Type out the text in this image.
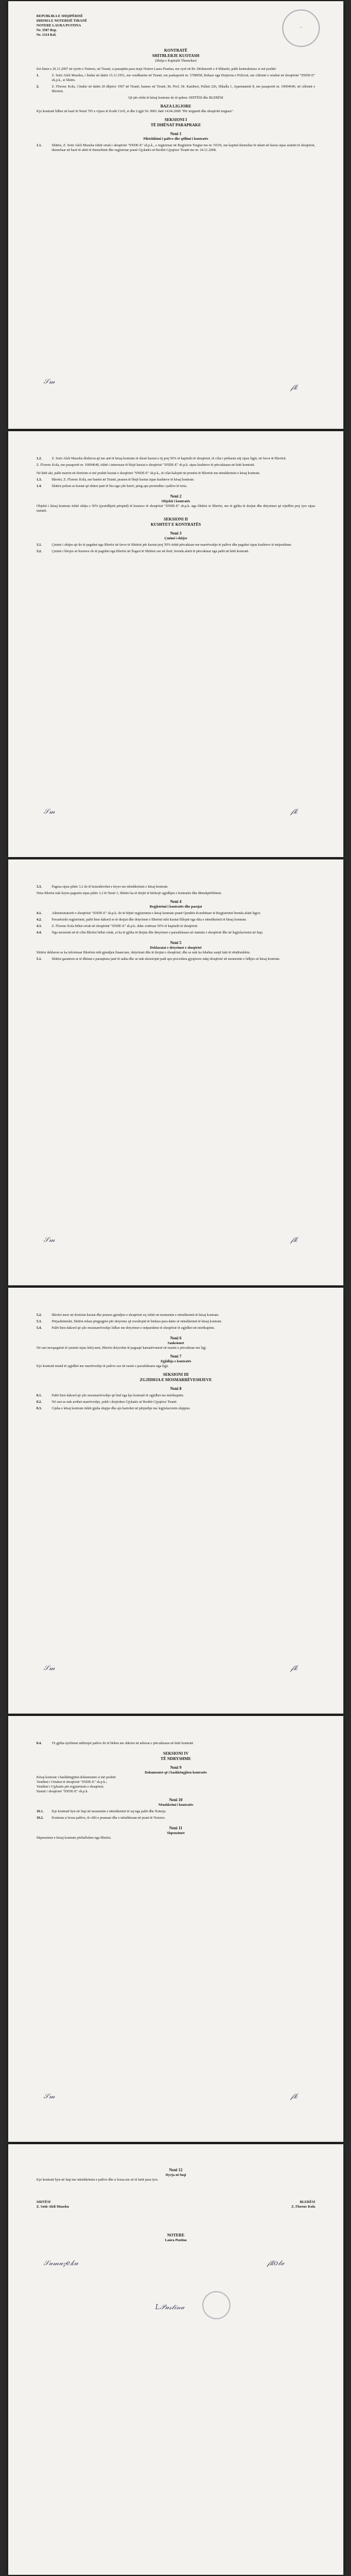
REPUBLIKA E SHQIPËRISË
DHOMA E NOTERISË TIRANË
NOTERE LAURA PUSTINA
Nr. 3507 Rep.
Nr. 1314 Kol.
●
KONTRATË
SHITBLERJE KUOTASH
(Shitja e Kapitalit Themeltar)
Sot linen e 20.11.2007 në zyrën e Noteres, në Tiranë, u paraqitën para meje Notere Laura Pustina, me zyrë në Rr. Dëshmorët e 4 Shkurtit, palët kontraktuese si më poshtë:
1.	Z. Sotir Aleli Muzeku, i lindur në datën 15.11.1951, me vendbanim në Tiranë, me pashaportë nr. 3708058, lëshuar nga Drejtoria e Policisë, me cilësinë e ortakut në shoqërinë "SNDE-E" sh.p.k., si Shitës.
2.	Z. Florenc Kola, i lindur në datën 20 dhjetor 1967 në Tiranë, banues në Tiranë, Rr. Prof. Dr. Kamberi, Pallati 226, Shkalla 1, Apartamenti 8, me pasaportë nr. 10004640, në cilësinë e Blerësit.
Që për efekt të kësaj kontrate do të quhen: SHITËSI dhe BLERËSI
BAZA LIGJORE
Kjo kontratë lidhet në bazë të Nenit 705 e vijues të Kodit Civil, si dhe Ligjit Nr. 9901 datë 14.04.2008 "Për tregtarët dhe shoqëritë tregtare".
SEKSIONI I
TË DHËNAT PARAPRAKE
Neni 1
Pikëshikimi i palëve dhe qëllimi i kontratës
1.1.	Shitësi, Z. Sotir Aleli Muzeku është ortak i shoqërisë "SNDE-E" sh.p.k., e regjistruar në Regjistrin Tregtar me nr. NUIS, me kapital themeltar të ndarë në kuota sipas statutit të shoqërisë, themeluar në bazë të aktit të themelimit dhe regjistruar pranë Gjykatës së Rrethit Gjyqësor Tiranë me nr. 24.11.2008.
𝒮𝓂
𝒻𝓀
1.2.	Z. Sotir Aleli Muzeku dëshiron që me anë të kësaj kontrate të shesë kuotat e tij prej 50% të kapitalit të shoqërisë, të cilat i përkasin atij sipas ligjit, në favor të Blerësit.
Z. Florenc Kola, me pasaportë nr. 10004640, është i interesuar të blejë kuotat e shoqërisë "SNDE-E" sh.p.k. sipas kushteve të përcaktuara në këtë kontratë.
Në këtë akt, palët marrin në dorëzim si më poshtë kuotat e shoqërisë "SNDE-E" sh.p.k., të cilat kalojnë në pronësi të Blerësit me nënshkrimin e kësaj kontrate.
1.3.	Blerësi, Z. Florenc Kola, me banim në Tiranë, pranon të blejë kuotat sipas kushteve të kësaj kontrate.
1.4.	Shitësi pohon se kuotat që shiten janë të lira nga çdo barrë, peng apo pretendim i palëve të treta.
Neni 2
Objekti i kontratës
Objekti i kësaj kontrate është shitja e 50% (pesëdhjetë përqind) të kuotave të shoqërisë "SNDE-E" sh.p.k. nga Shitësi te Blerësi, me të gjitha të drejtat dhe detyrimet që rrjedhin prej tyre sipas statutit.
SEKSIONI II
KUSHTET E KONTRATËS
Neni 3
Çmimi i shitjes
3.1.	Çmimi i shitjes që do të paguhet nga Blerësi në favor të Shitësit për kuotat prej 50% është përcaktuar me marrëveshje të palëve dhe paguhet sipas kushteve të mëposhtme.
3.2.	Çmimi i blerjes së kuotave do të paguhet nga Blerësi në llogari të Shitësit ose në dorë, brenda afatit të përcaktuar nga palët në këtë kontratë.
𝒮𝓂	𝒻𝓀
3.3.	Pagesa sipas pikës 3.2 do të konsiderohet e kryer me nënshkrimin e kësaj kontrate.
Nëse Blerësi nuk kryen pagesën sipas pikës 3.2 të Nenit 3, Shitësi ka të drejtë të kërkojë zgjidhjen e kontratës dhe dëmshpërblimin.
Neni 4
Regjistrimi i kontratës dhe pasojat
4.1.	Administratorët e shoqërisë "SNDE-E" sh.p.k. do të bëjnë regjistrimin e kësaj kontrate pranë Qendrës Kombëtare të Regjistrimit brenda afatit ligjor.
4.2.	Pavarësisht regjistrimit, palët bien dakord se të drejtat dhe detyrimet e Blerësit mbi kuotat fillojnë nga dita e nënshkrimit të kësaj kontrate.
4.3.	Z. Florenc Kola bëhet ortak në shoqërinë "SNDE-E" sh.p.k. duke zotëruar 50% të kapitalit të shoqërisë.
4.4.	Nga momenti në të cilin Blerësi bëhet ortak, ai ka të gjitha të drejtat dhe detyrimet e parashikuara në statutin e shoqërisë dhe në legjislacionin në fuqi.
Neni 5
Deklaratat e detyrimet e shoqërisë
Shitësi deklaron se ka informuar Blerësin mbi gjendjen financiare, detyrimet dhe të drejtat e shoqërisë, dhe se nuk ka fshehur asnjë fakt të rëndësishëm.
5.1.	Shitësi garanton se të dhënat e paraqitura janë të sakta dhe se nuk ekzistojnë padi apo procedura gjyqësore ndaj shoqërisë në momentin e lidhjes së kësaj kontrate.
𝒮𝓂	𝒻𝓀
5.2.	Blerësi merr në dorëzim kuotat dhe pranon gjendjen e shoqërisë siç është në momentin e nënshkrimit të kësaj kontrate.
5.3.	Përjashtimisht, Shitësi mban përgjegjësi për detyrime që rezultojnë të lindura para datës së nënshkrimit të kësaj kontrate.
5.4.	Palët bien dakord që çdo mosmarrëveshje lidhur me detyrimet e mëparshme të shoqërisë të zgjidhet në mirëkuptim.
Neni 6
Sanksionet
Në rast mospagimit të çmimit sipas këtij neni, Blerësi detyrohet të paguajë kamatëvonesë në masën e përcaktuar me ligj.
Neni 7
Zgjidhja e kontratës
Kjo kontratë mund të zgjidhet me marrëveshje të palëve ose në rastet e parashikuara nga ligji.
SEKSIONI III
ZGJIDHJA E MOSMARRËVESHJEVE
Neni 8
8.1.	Palët bien dakord që çdo mosmarrëveshje që lind nga kjo kontratë të zgjidhet me mirëkuptim.
8.2.	Në rast se nuk arrihet marrëveshje, palët i drejtohen Gjykatës së Rrethit Gjyqësor Tiranë.
8.3.	Gjuha e kësaj kontrate është gjuha shqipe dhe ajo hartohet në përputhje me legjislacionin shqiptar.
𝒮𝓂	𝒻𝓀
8.4.	Të gjitha njoftimet ndërmjet palëve do të bëhen me shkrim në adresat e përcaktuara në këtë kontratë.
SEKSIONI IV
TË NDRYSHME
Neni 9
Dokumentet që i bashkëngjiten kontratës
Kësaj kontrate i bashkëngjiten dokumentet si më poshtë:
Vendimi i Ortakut të shoqërisë "SNDE-E" sh.p.k.;
Vendimi i Gjykatës për regjistrimin e shoqërisë;
Statuti i shoqërisë "SNDE-E" sh.p.k.
Neni 10
Nënshkrimi i kontratës
10.1.	Kjo kontratë hyn në fuqi në momentin e nënshkrimit të saj nga palët dhe Noterja.
10.2.	Kontrata u lexua palëve, të cilët e pranuan dhe e nënshkruan në prani të Noteres.
Neni 11
Shpenzimet
Shpenzimet e kësaj kontrate përballohen nga Blerësi.
𝒮𝓂	𝒻𝓀
Neni 12
Hyrja në fuqi
Kjo kontratë hyn në fuqi me nënshkrimin e palëve dhe u lexua me zë të lartë para tyre.
SHITËSI	BLERËSI
Z. Sotir Aleli Muzeku	Z. Florenc Kola
NOTERE
Laura Pustina
𝒮𝒶𝓂𝓊𝓏𝑒𝓀𝓊	𝒻𝓀𝑜𝓁𝒶
𝐿𝒫𝓊𝓈𝓉𝒾𝓃𝒶
